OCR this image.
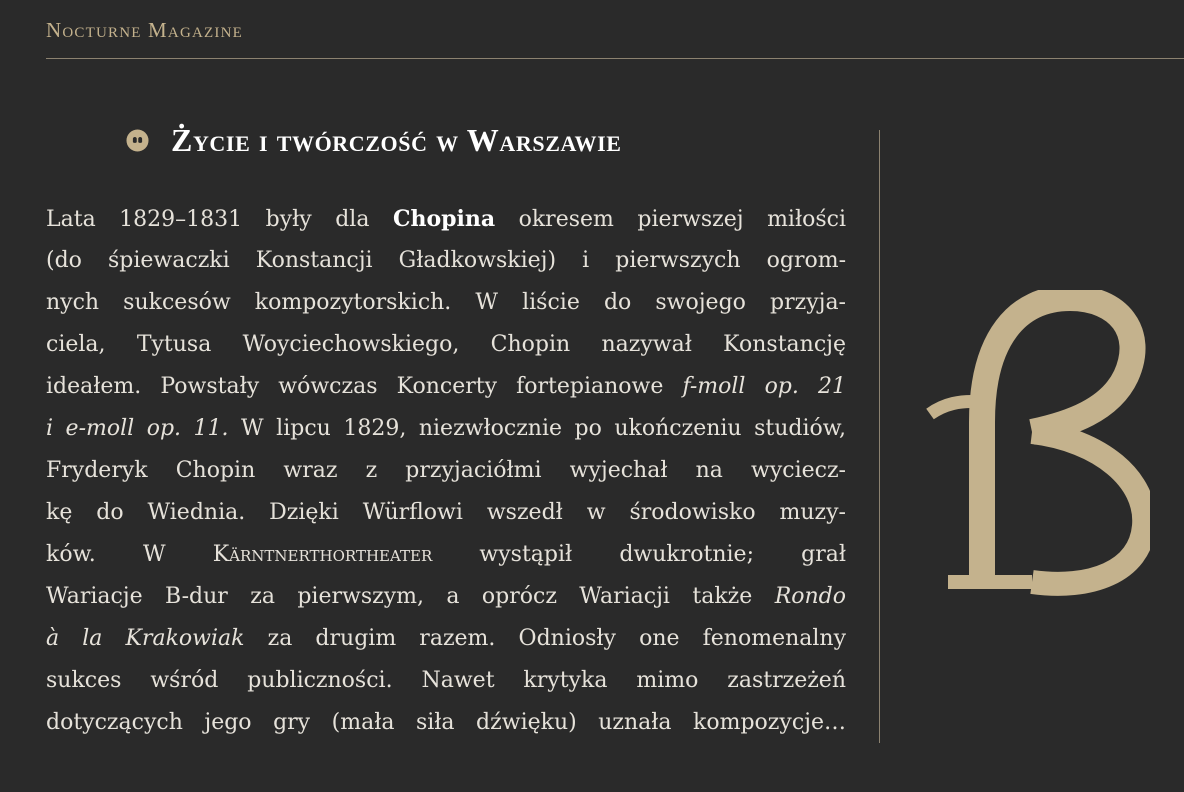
Nocturne Magazine
Życie i twórczość w Warszawie
Lata 1829–1831 były dla Chopina okresem pierwszej miłości
(do śpiewaczki Konstancji Gładkowskiej) i pierwszych ogrom-
nych sukcesów kompozytorskich. W liście do swojego przyja-
ciela, Tytusa Woyciechowskiego, Chopin nazywał Konstancję
ideałem. Powstały wówczas Koncerty fortepianowe f-moll op. 21
i e-moll op. 11. W lipcu 1829, niezwłocznie po ukończeniu studiów,
Fryderyk Chopin wraz z przyjaciółmi wyjechał na wyciecz-
kę do Wiednia. Dzięki Würflowi wszedł w środowisko muzy-
ków. W Kärntnerthortheater wystąpił dwukrotnie; grał
Wariacje B-dur za pierwszym, a oprócz Wariacji także Rondo
à la Krakowiak za drugim razem. Odniosły one fenomenalny
sukces wśród publiczności. Nawet krytyka mimo zastrzeżeń
dotyczących jego gry (mała siła dźwięku) uznała kompozycje…
